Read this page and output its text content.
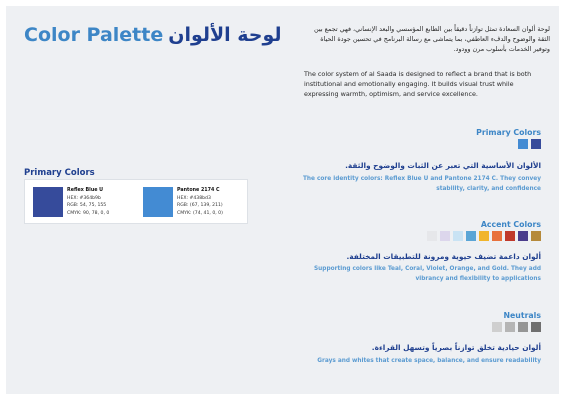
Color Palette لوحة الألوان	لوحة ألوان السعادة تمثل توازناً دقيقاً بين الطابع المؤسسي والبعد الإنساني، فهي تجمع بين الثقة والوضوح والدفء العاطفي، بما يتماشى مع رسالة البرنامج في تحسين جودة الحياة وتوفير الخدمات بأسلوب مرن وودود.

The color system of al Saada is designed to reflect a brand that is both institutional and emotionally engaging. It builds visual trust while expressing warmth, optimism, and service excellence.

Primary Colors
Reflex Blue U
HEX: #364b9b
RGB: 54, 75, 155
CMYK: 90, 78, 0, 0
Pantone 2174 C
HEX: #438bd3
RGB: (67, 139, 211)
CMYK: (74, 41, 0, 0)
Primary Colors
الألوان الأساسية التي تعبر عن الثبات والوضوح والثقة.
The core identity colors: Reflex Blue U and Pantone 2174 C. They convey stability, clarity, and confidence
Accent Colors
ألوان داعمة تضيف حيوية ومرونة للتطبيقات المختلفة.
Supporting colors like Teal, Coral, Violet, Orange, and Gold. They add vibrancy and flexibility to applications
Neutrals
ألوان حيادية تخلق توازناً بصرياً وتسهل القراءة.
Grays and whites that create space, balance, and ensure readability
